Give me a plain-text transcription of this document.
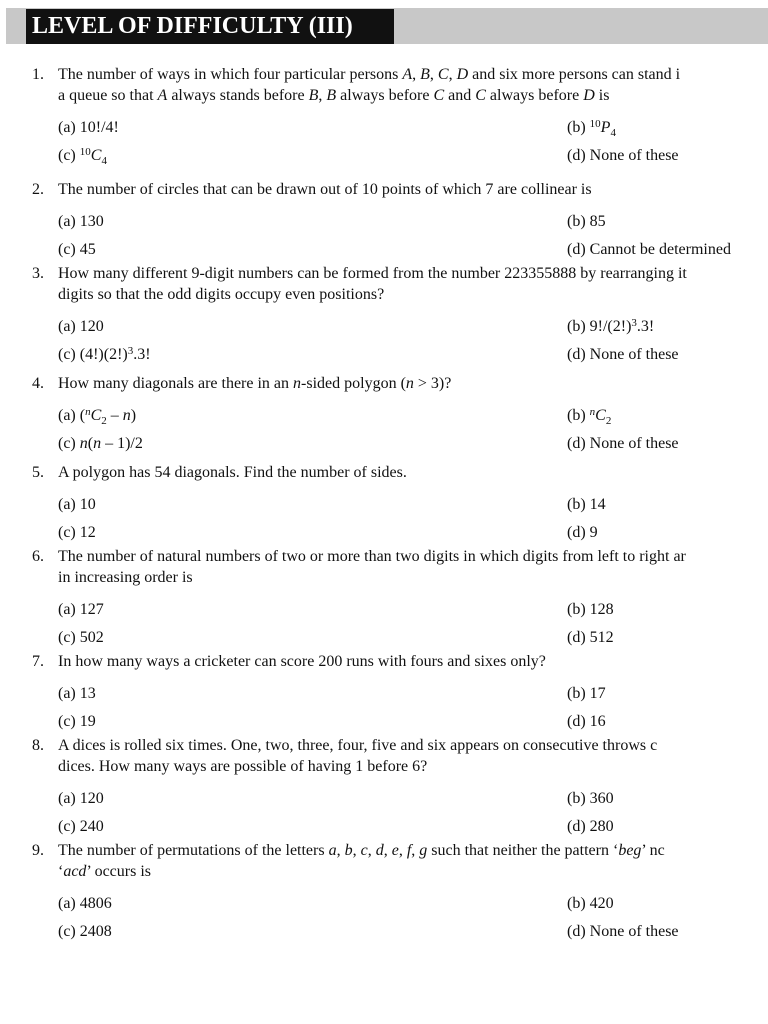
LEVEL OF DIFFICULTY (III)
1. The number of ways in which four particular persons A, B, C, D and six more persons can stand i
a queue so that A always stands before B, B always before C and C always before D is
(a) 10!/4!	(b) $^{10}P_4$
(c) $^{10}C_4$	(d) None of these
2. The number of circles that can be drawn out of 10 points of which 7 are collinear is
(a) 130	(b) 85
(c) 45	(d) Cannot be determined
3. How many different 9-digit numbers can be formed from the number 223355888 by rearranging it
digits so that the odd digits occupy even positions?
(a) 120	(b) $9!/(2!)^3.3$!
(c) $(4!)(2!)^3.3$!	(d) None of these
4. How many diagonals are there in an n-sided polygon (n > 3)?
(a) $(^nC_2 - n)$	(b) $^nC_2$
(c) n(n – 1)/2	(d) None of these
5. A polygon has 54 diagonals. Find the number of sides.
(a) 10	(b) 14
(c) 12	(d) 9
6. The number of natural numbers of two or more than two digits in which digits from left to right ar
in increasing order is
(a) 127	(b) 128
(c) 502	(d) 512
7. In how many ways a cricketer can score 200 runs with fours and sixes only?
(a) 13	(b) 17
(c) 19	(d) 16
8. A dices is rolled six times. One, two, three, four, five and six appears on consecutive throws c
dices. How many ways are possible of having 1 before 6?
(a) 120	(b) 360
(c) 240	(d) 280
9. The number of permutations of the letters a, b, c, d, e, f, g such that neither the pattern ‘beg’ nc
‘acd’ occurs is
(a) 4806	(b) 420
(c) 2408	(d) None of these
